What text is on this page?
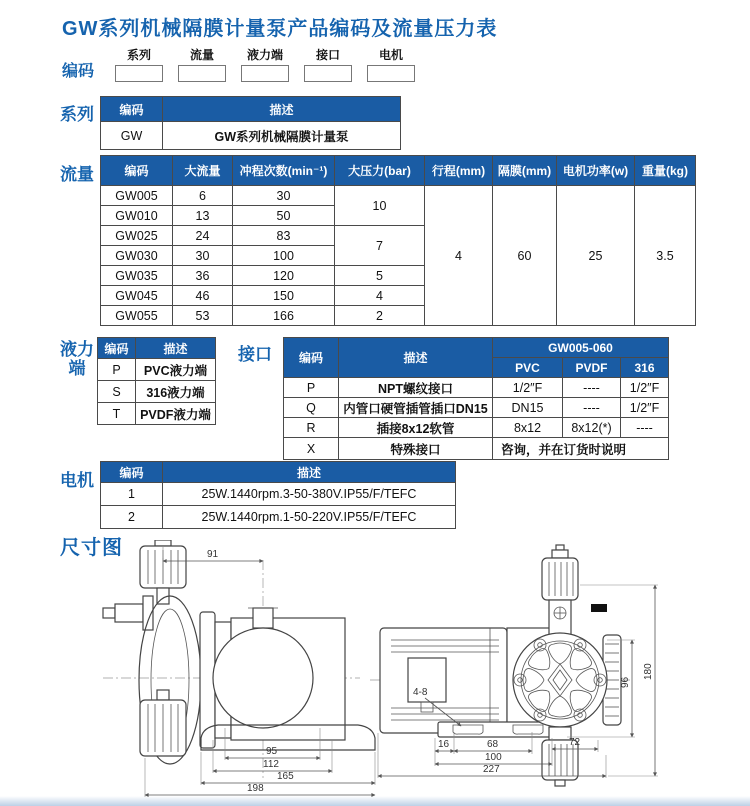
GW系列机械隔膜计量泵产品编码及流量压力表
编码
系列	流量	液力端	接口	电机
系列 编码	描述
GW	GW系列机械隔膜计量泵
流量	编码	大流量	冲程次数(min⁻¹)	大压力(bar)	行程(mm)	隔膜(mm)	电机功率(w)	重量(kg)
GW005	6	30	10	4	60	25	3.5
GW010	13	50					
GW025	24	83	7				
GW030	30	100					
GW035	36	120	5				
GW045	46	150	4				
GW055	53	166	2				
液力
端
编码	描述
P	PVC液力端
S	316液力端
T	PVDF液力端
接口 编码	描述	GW005-060		
		PVC	PVDF	316
P	NPT螺纹接口	1/2″F	----	1/2″F
Q	内管口硬管插管插口DN15	DN15	----	1/2″F
R	插接8x12软管	8x12	8x12(*)	----
X	特殊接口	咨询，并在订货时说明		
电机 编码	描述
1	25W.1440rpm.3-50-380V.IP55/F/TEFC
2	25W.1440rpm.1-50-220V.IP55/F/TEFC
尺寸图	91
95
112
165
198
4-8
16	68	72
100
227
96
180
